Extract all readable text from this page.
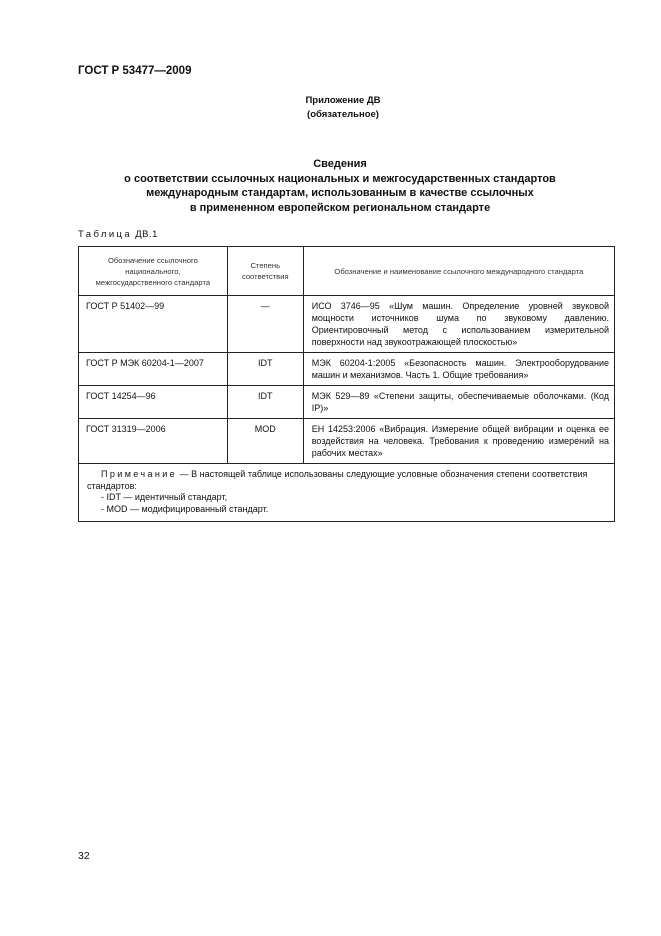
ГОСТ Р 53477—2009
Приложение ДВ
(обязательное)
Сведения
о соответствии ссылочных национальных и межгосударственных стандартов
международным стандартам, использованным в качестве ссылочных
в примененном европейском региональном стандарте
Таблица ДВ.1
Обозначение ссылочного национального, межгосударственного стандарта	Степень соответствия	Обозначение и наименование ссылочного международного стандарта
ГОСТ Р 51402—99	—	ИСО 3746—95 «Шум машин. Определение уровней звуковой мощности источников шума по звуковому давлению. Ориентировочный метод с использованием измерительной поверхности над звукоотражающей плоскостью»
ГОСТ Р МЭК 60204-1—2007	IDT	МЭК 60204-1:2005 «Безопасность машин. Электрооборудование машин и механизмов. Часть 1. Общие требования»
ГОСТ 14254—96	IDT	МЭК 529—89 «Степени защиты, обеспечиваемые оболочками. (Код IP)»
ГОСТ 31319—2006	MOD	ЕН 14253:2006 «Вибрация. Измерение общей вибрации и оценка ее воздействия на человека. Требования к проведению измерений на рабочих местах»

Примечание — В настоящей таблице использованы следующие условные обозначения степени соответствия стандартов:
- IDT — идентичный стандарт,
- MOD — модифицированный стандарт.		
32
